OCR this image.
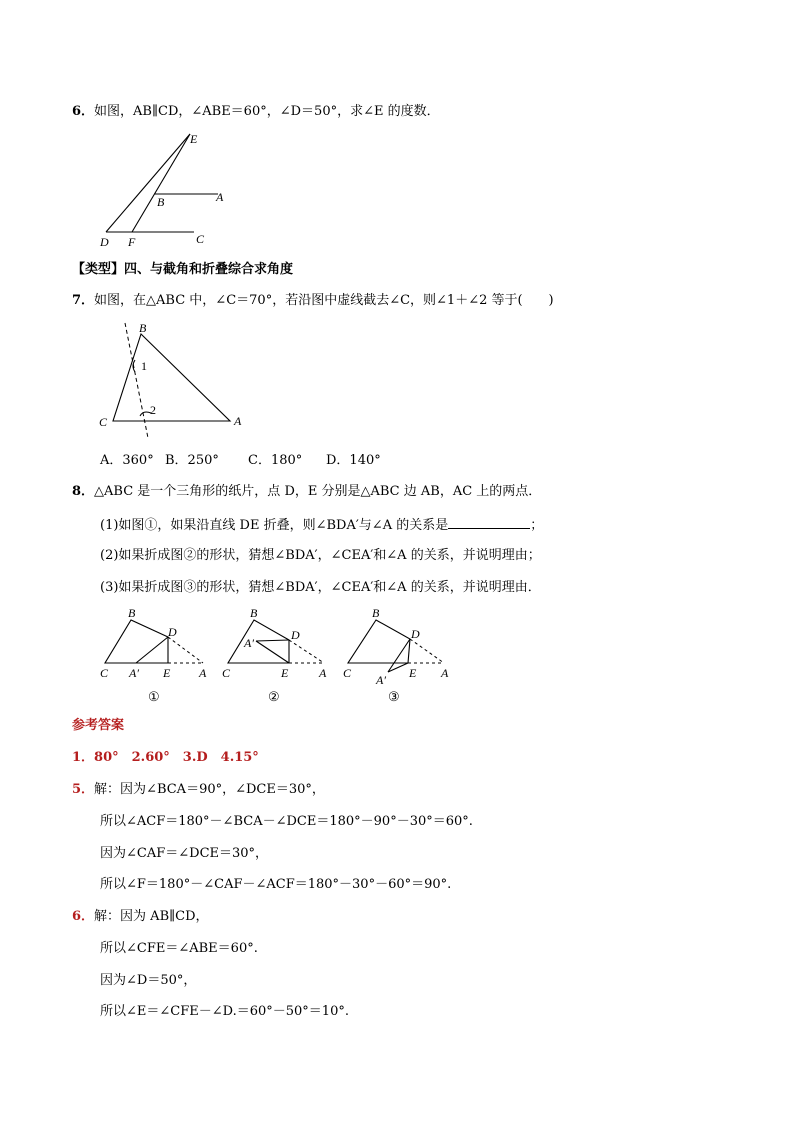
6．如图，AB∥CD，∠ABE＝60°，∠D＝50°，求∠E 的度数．
E
A
B
D F	C
【类型】四、与截角和折叠综合求角度
7．如图，在△ABC 中，∠C＝70°，若沿图中虚线截去∠C，则∠1＋∠2 等于(　　)
B
1
2
C	A
A．360° B．250° C．180° D．140°
8．△ABC 是一个三角形的纸片，点 D，E 分别是△ABC 边 AB，AC 上的两点．
(1)如图①，如果沿直线 DE 折叠，则∠BDA′与∠A 的关系是	；
(2)如果折成图②的形状，猜想∠BDA′，∠CEA′和∠A 的关系，并说明理由；
(3)如果折成图③的形状，猜想∠BDA′，∠CEA′和∠A 的关系，并说明理由．
B
D
C A′ E A
①
B
D
A′
C	E	A
②
B
D
C A′ E A
③
参考答案
1．80°　2.60°　3.D　4.15°
5．解：因为∠BCA＝90°，∠DCE＝30°，
所以∠ACF＝180°－∠BCA－∠DCE＝180°－90°－30°＝60°.
因为∠CAF＝∠DCE＝30°，
所以∠F＝180°－∠CAF－∠ACF＝180°－30°－60°＝90°.
6．解：因为 AB∥CD，
所以∠CFE＝∠ABE＝60°.
因为∠D＝50°，
所以∠E＝∠CFE－∠D.＝60°－50°＝10°.
